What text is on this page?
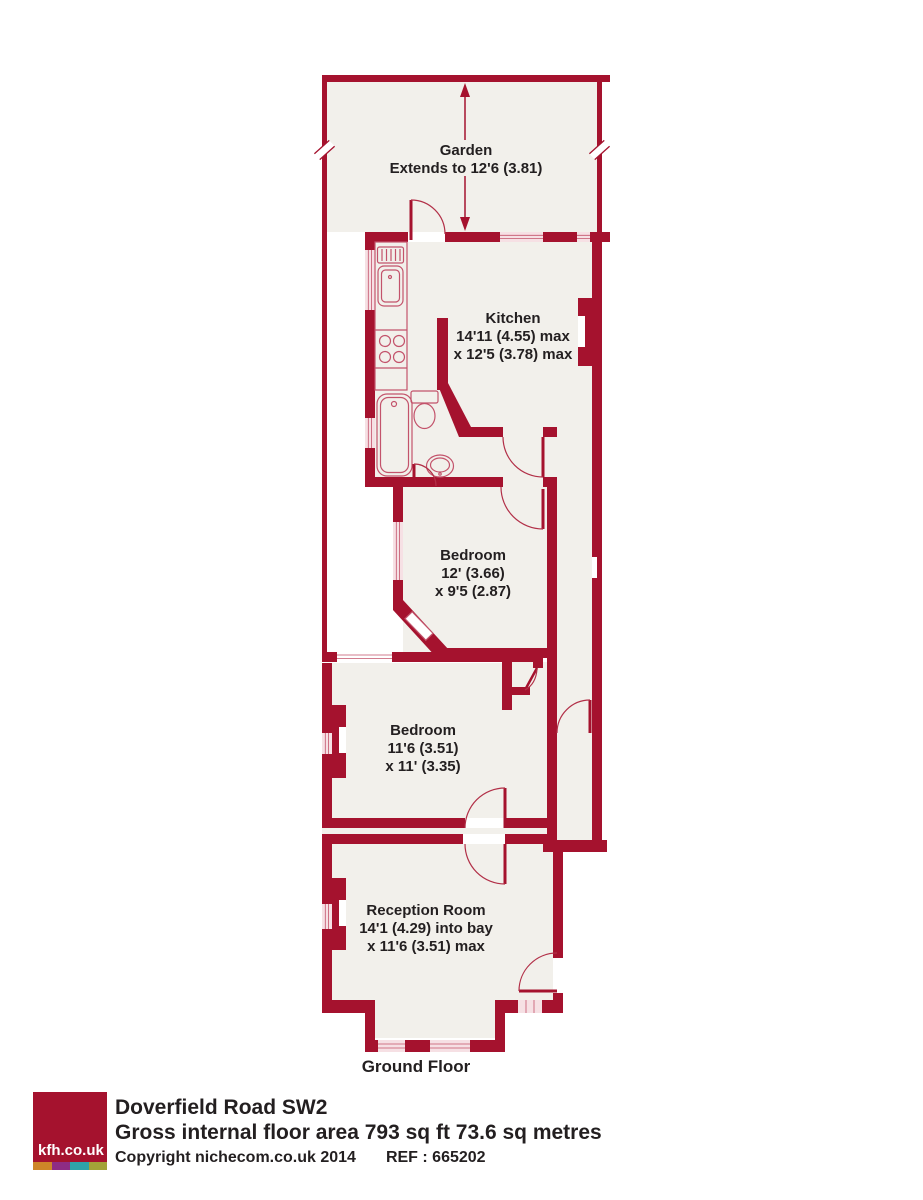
Garden
Extends to 12'6 (3.81)
Kitchen
14'11 (4.55) max
x 12'5 (3.78) max
Bedroom
12' (3.66)
x 9'5 (2.87)
Bedroom
11'6 (3.51)
x 11' (3.35)
Reception Room
14'1 (4.29) into bay
x 11'6 (3.51) max
Ground Floor
kfh.co.uk
Doverfield Road SW2
Gross internal floor area 793 sq ft 73.6 sq metres
Copyright nichecom.co.uk 2014 REF : 665202
